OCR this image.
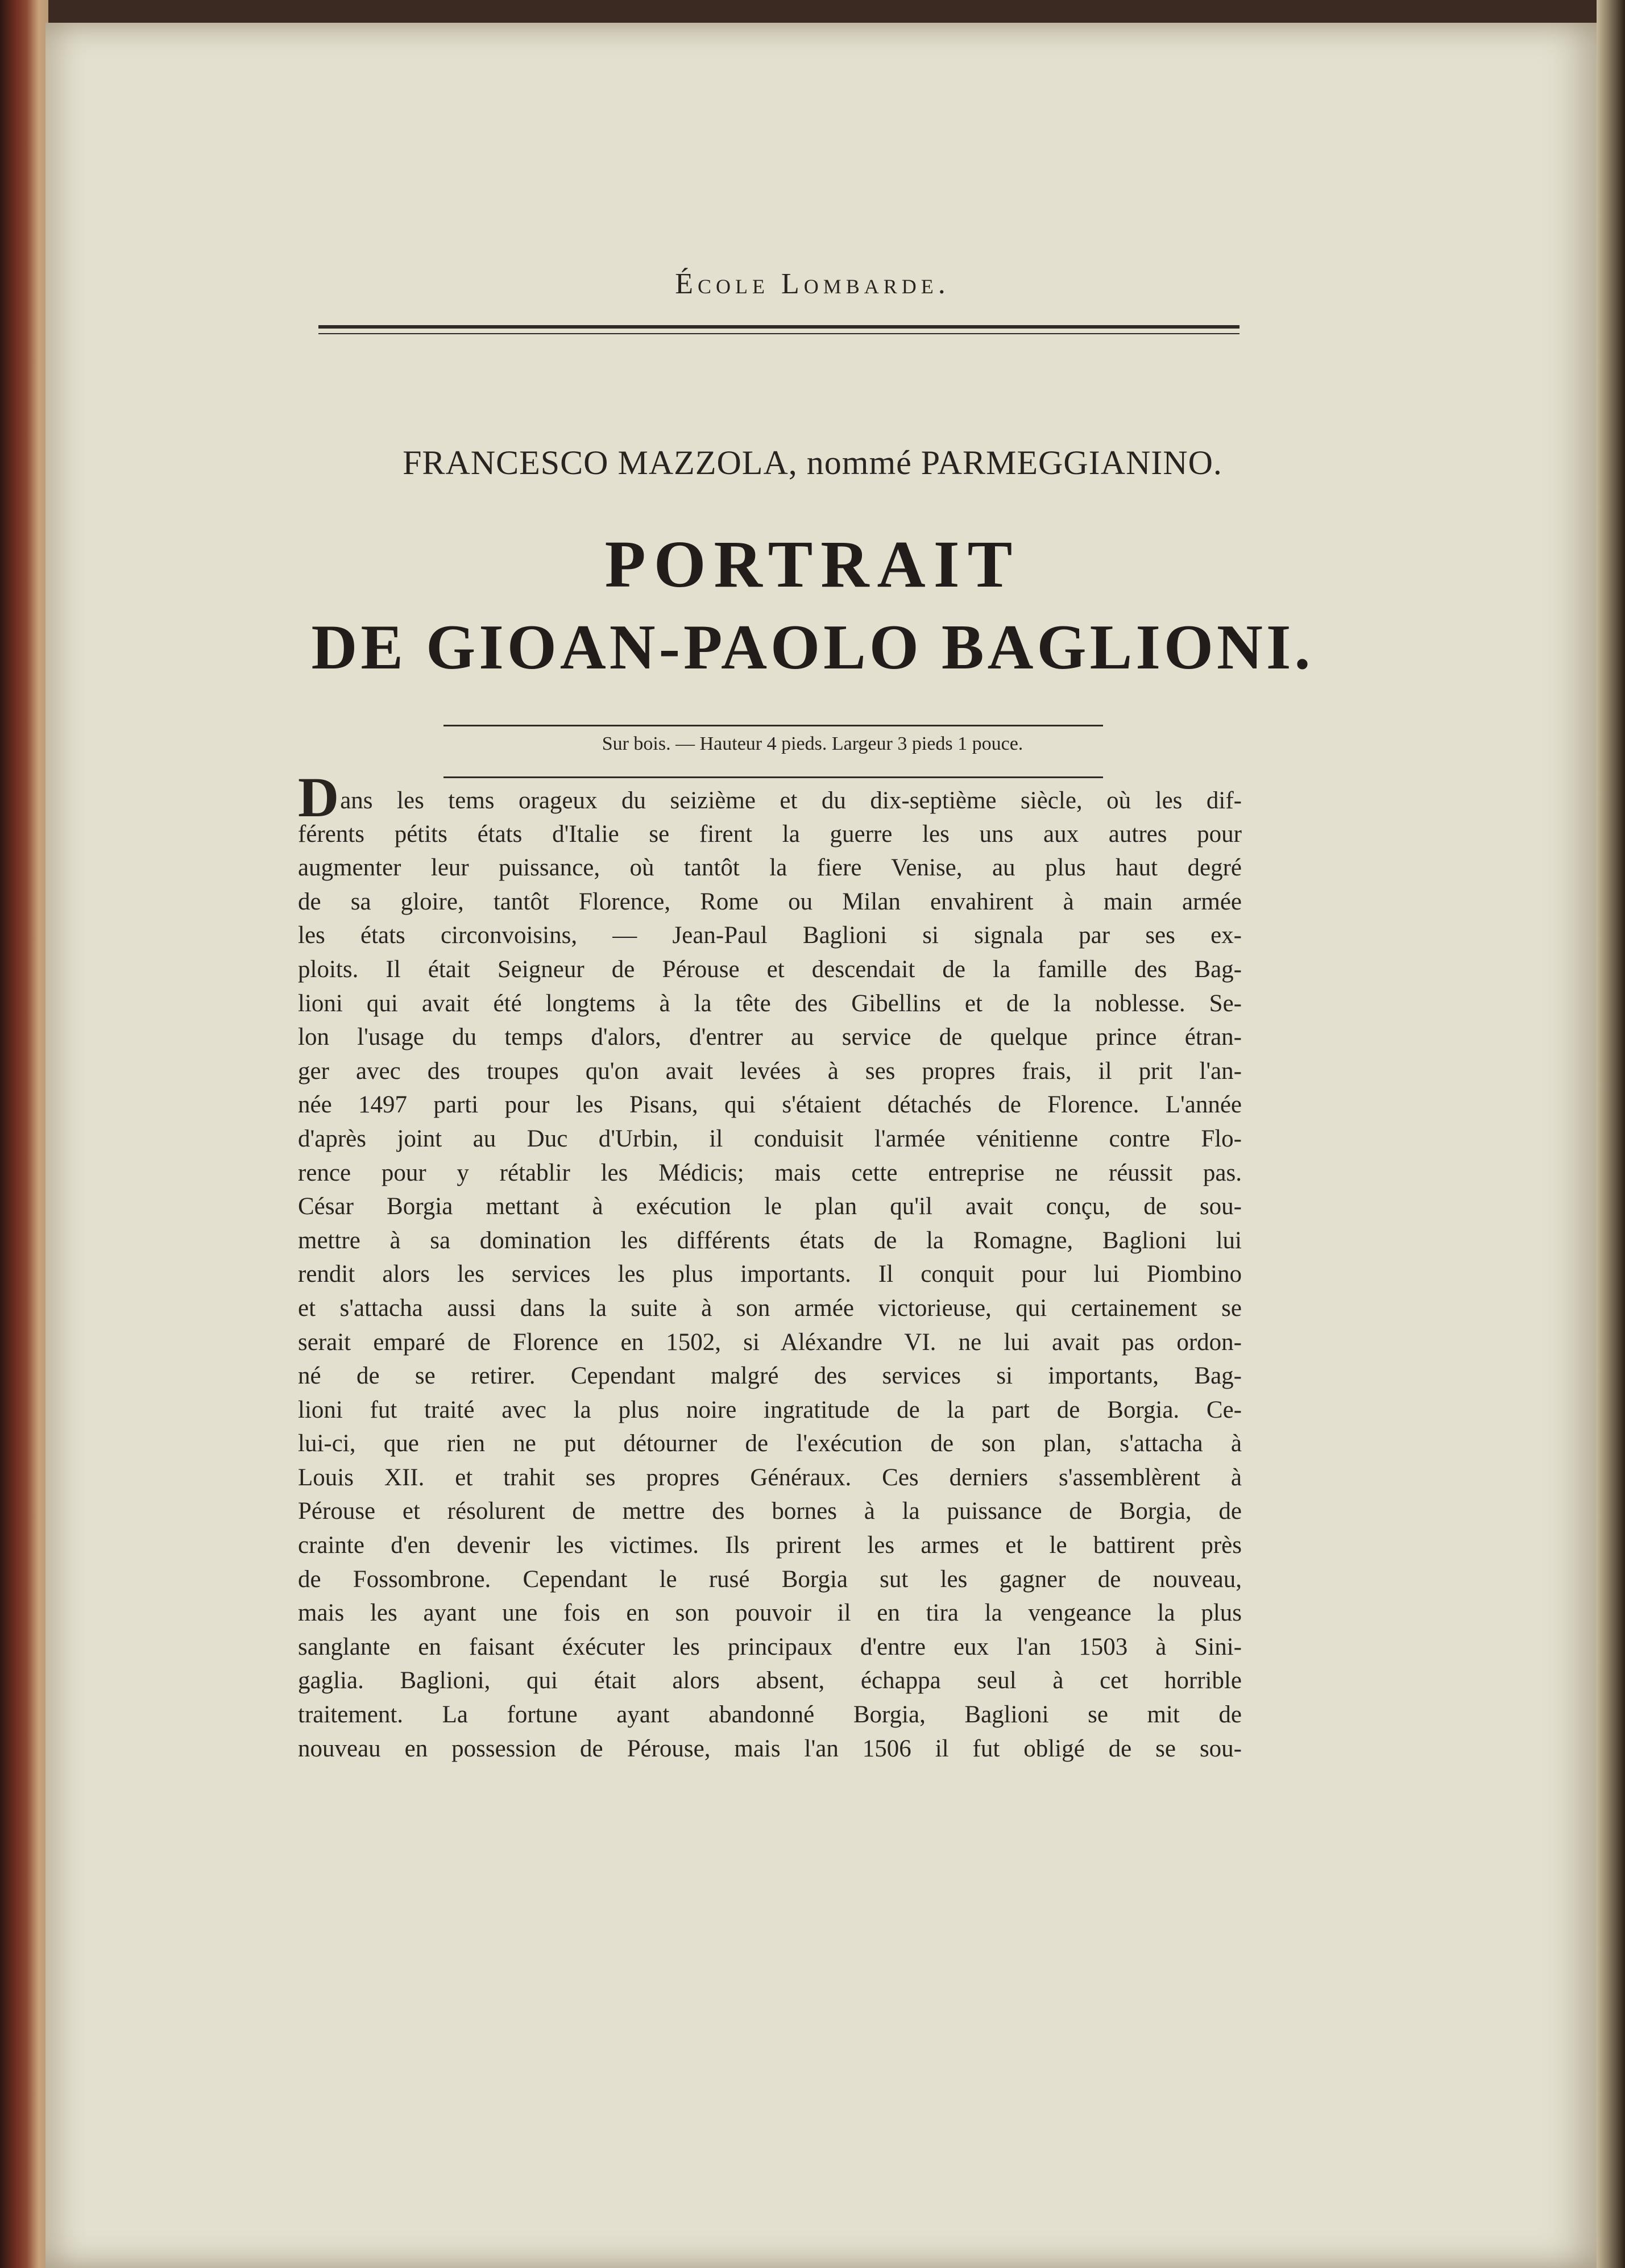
École Lombarde.
FRANCESCO MAZZOLA, nommé PARMEGGIANINO.
PORTRAIT
DE GIOAN-PAOLO BAGLIONI.
Sur bois. — Hauteur 4 pieds. Largeur 3 pieds 1 pouce.
Dans les tems orageux du seizième et du dix-septième siècle, où les dif-
férents pétits états d'Italie se firent la guerre les uns aux autres pour
augmenter leur puissance, où tantôt la fiere Venise, au plus haut degré
de sa gloire, tantôt Florence, Rome ou Milan envahirent à main armée
les états circonvoisins, — Jean-Paul Baglioni si signala par ses ex-
ploits. Il était Seigneur de Pérouse et descendait de la famille des Bag-
lioni qui avait été longtems à la tête des Gibellins et de la noblesse. Se-
lon l'usage du temps d'alors, d'entrer au service de quelque prince étran-
ger avec des troupes qu'on avait levées à ses propres frais, il prit l'an-
née 1497 parti pour les Pisans, qui s'étaient détachés de Florence. L'année
d'après joint au Duc d'Urbin, il conduisit l'armée vénitienne contre Flo-
rence pour y rétablir les Médicis; mais cette entreprise ne réussit pas.
César Borgia mettant à exécution le plan qu'il avait conçu, de sou-
mettre à sa domination les différents états de la Romagne, Baglioni lui
rendit alors les services les plus importants. Il conquit pour lui Piombino
et s'attacha aussi dans la suite à son armée victorieuse, qui certainement se
serait emparé de Florence en 1502, si Aléxandre VI. ne lui avait pas ordon-
né de se retirer. Cependant malgré des services si importants, Bag-
lioni fut traité avec la plus noire ingratitude de la part de Borgia. Ce-
lui-ci, que rien ne put détourner de l'exécution de son plan, s'attacha à
Louis XII. et trahit ses propres Généraux. Ces derniers s'assemblèrent à
Pérouse et résolurent de mettre des bornes à la puissance de Borgia, de
crainte d'en devenir les victimes. Ils prirent les armes et le battirent près
de Fossombrone. Cependant le rusé Borgia sut les gagner de nouveau,
mais les ayant une fois en son pouvoir il en tira la vengeance la plus
sanglante en faisant éxécuter les principaux d'entre eux l'an 1503 à Sini-
gaglia. Baglioni, qui était alors absent, échappa seul à cet horrible
traitement. La fortune ayant abandonné Borgia, Baglioni se mit de
nouveau en possession de Pérouse, mais l'an 1506 il fut obligé de se sou-
